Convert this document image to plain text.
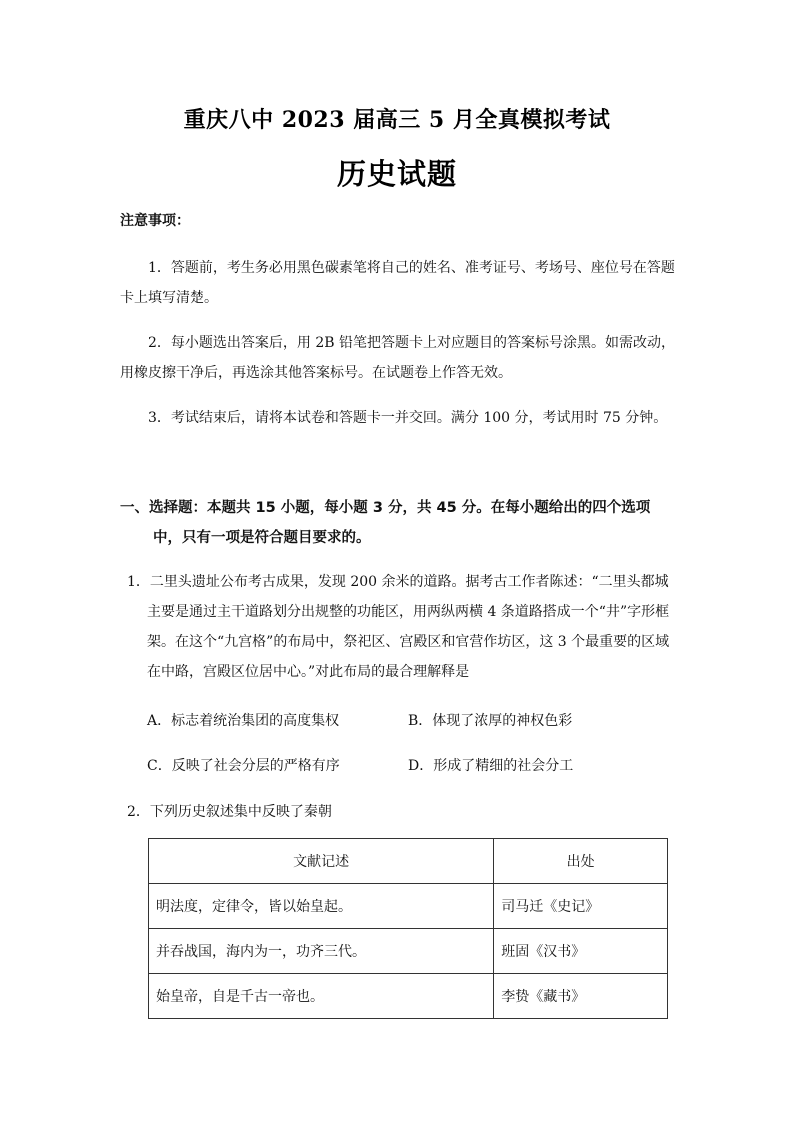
重庆八中 2023 届高三 5 月全真模拟考试
历史试题
注意事项：
1．答题前，考生务必用黑色碳素笔将自己的姓名、准考证号、考场号、座位号在答题卡上填写清楚。
2．每小题选出答案后，用 2B 铅笔把答题卡上对应题目的答案标号涂黑。如需改动，用橡皮擦干净后，再选涂其他答案标号。在试题卷上作答无效。
3．考试结束后，请将本试卷和答题卡一并交回。满分 100 分，考试用时 75 分钟。
一、选择题：本题共 15 小题，每小题 3 分，共 45 分。在每小题给出的四个选项
中，只有一项是符合题目要求的。
1．二里头遗址公布考古成果，发现 200 余米的道路。据考古工作者陈述：“二里头都城主要是通过主干道路划分出规整的功能区，用两纵两横 4 条道路搭成一个“井”字形框架。在这个“九宫格”的布局中，祭祀区、宫殿区和官营作坊区，这 3 个最重要的区域在中路，宫殿区位居中心。”对此布局的最合理解释是
A．标志着统治集团的高度集权	B．体现了浓厚的神权色彩
C．反映了社会分层的严格有序	D．形成了精细的社会分工
2．下列历史叙述集中反映了秦朝
文献记述	出处
明法度，定律令，皆以始皇起。	司马迁《史记》
并吞战国，海内为一，功齐三代。	班固《汉书》
始皇帝，自是千古一帝也。	李贽《藏书》
